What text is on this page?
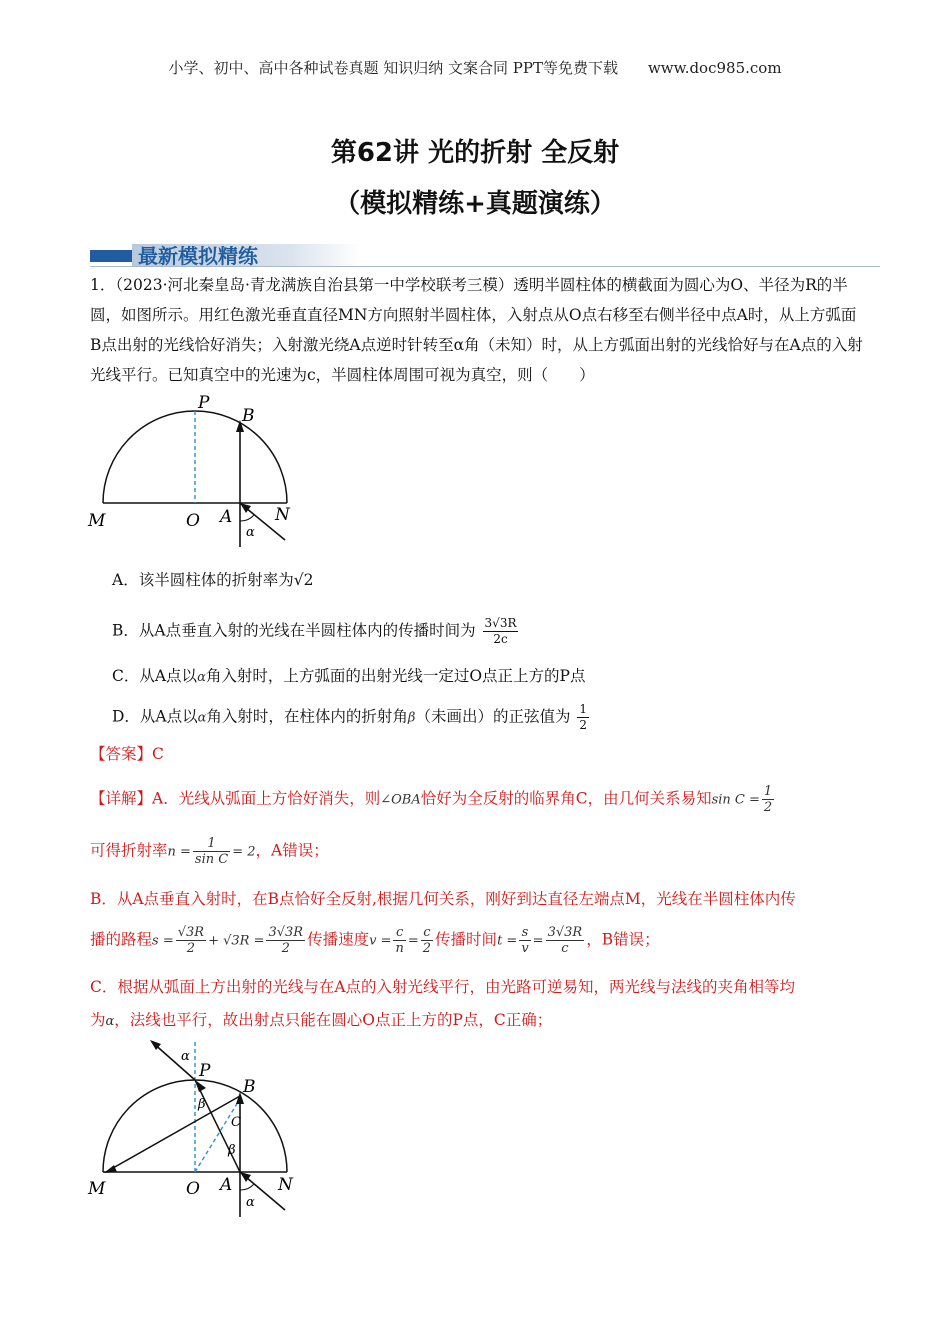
小学、初中、高中各种试卷真题 知识归纳 文案合同 PPT等免费下载　　www.doc985.com
第62讲 光的折射 全反射
（模拟精练+真题演练）
最新模拟精练
1．（2023·河北秦皇岛·青龙满族自治县第一中学校联考三模）透明半圆柱体的横截面为圆心为O、半径为R的半圆，如图所示。用红色激光垂直直径MN方向照射半圆柱体，入射点从O点右移至右侧半径中点A时，从上方弧面B点出射的光线恰好消失；入射激光绕A点逆时针转至α角（未知）时，从上方弧面出射的光线恰好与在A点的入射光线平行。已知真空中的光速为c，半圆柱体周围可视为真空，则（　　）
P
B
M	O A	N
α
A．该半圆柱体的折射率为√2
B．从A点垂直入射的光线在半圆柱体内的传播时间为 $\frac{3√3R}{2c}$
C．从A点以α角入射时，上方弧面的出射光线一定过O点正上方的P点
D．从A点以α角入射时，在柱体内的折射角β（未画出）的正弦值为 $\frac{1}{2}$
【答案】C
【详解】A．光线从弧面上方恰好消失，则∠OBA恰好为全反射的临界角C，由几何关系易知$\sin C = \frac{1}{2}$
可得折射率$n = \frac{1}{\text{sin C}} = 2$，A错误；
B．从A点垂直入射时，在B点恰好全反射,根据几何关系，刚好到达直径左端点M，光线在半圆柱体内传
播的路程$s = \frac{√3R}{2} + √3R = \frac{3√3R}{2}$ 传播速度$v = \frac{c}{n} = \frac{c}{2}$ 传播时间$t = \frac{s}{v} = \frac{3√3R}{c}$ ，B错误；
C．根据从弧面上方出射的光线与在A点的入射光线平行，由光路可逆易知，两光线与法线的夹角相等均
为α，法线也平行，故出射点只能在圆心O点正上方的P点，C正确；
P
B
M	O A	N
α
α
β
β
C
